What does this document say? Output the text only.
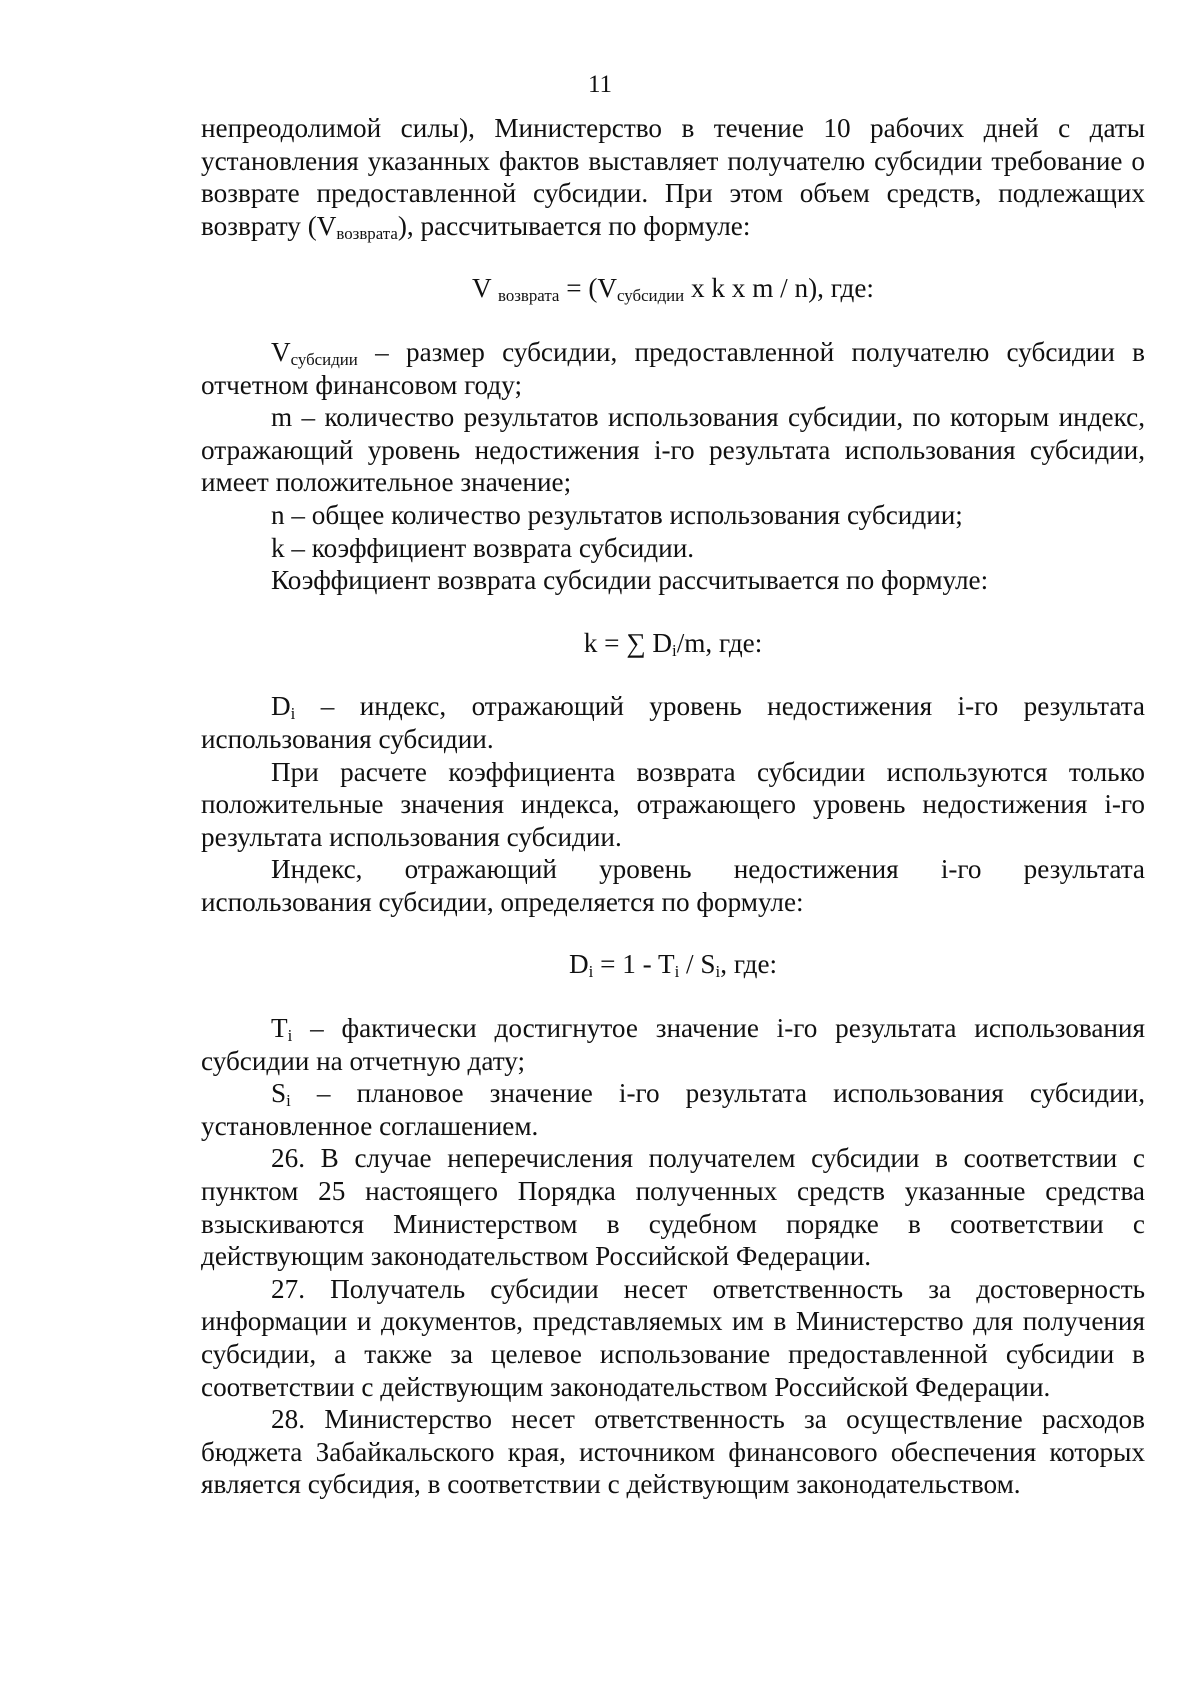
11

непреодолимой силы), Министерство в течение 10 рабочих дней с даты установления указанных фактов выставляет получателю субсидии требование о возврате предоставленной субсидии. При этом объем средств, подлежащих возврату $(V_{возврата})$, рассчитывается по формуле:

V $_{возврата} = (V_{субсидии}$ x k x m / n), где:

$V_{субсидии}$ – размер субсидии, предоставленной получателю субсидии в отчетном финансовом году;

m – количество результатов использования субсидии, по которым индекс, отражающий уровень недостижения i-го результата использования субсидии, имеет положительное значение;

n – общее количество результатов использования субсидии;

k – коэффициент возврата субсидии.

Коэффициент возврата субсидии рассчитывается по формуле:

k = ∑ $D_i/m$, где:

$D_i$ – индекс, отражающий уровень недостижения i-го результата использования субсидии.

При расчете коэффициента возврата субсидии используются только положительные значения индекса, отражающего уровень недостижения i-го результата использования субсидии.

Индекс, отражающий уровень недостижения i-го результата использования субсидии, определяется по формуле:

$D_i = 1 - T_i / S_i$, где:

$T_i$ – фактически достигнутое значение i-го результата использования субсидии на отчетную дату;

$S_i$ – плановое значение i-го результата использования субсидии, установленное соглашением.

26. В случае неперечисления получателем субсидии в соответствии с пунктом 25 настоящего Порядка полученных средств указанные средства взыскиваются Министерством в судебном порядке в соответствии с действующим законодательством Российской Федерации.

27. Получатель субсидии несет ответственность за достоверность информации и документов, представляемых им в Министерство для получения субсидии, а также за целевое использование предоставленной субсидии в соответствии с действующим законодательством Российской Федерации.

28. Министерство несет ответственность за осуществление расходов бюджета Забайкальского края, источником финансового обеспечения которых является субсидия, в соответствии с действующим законодательством.
